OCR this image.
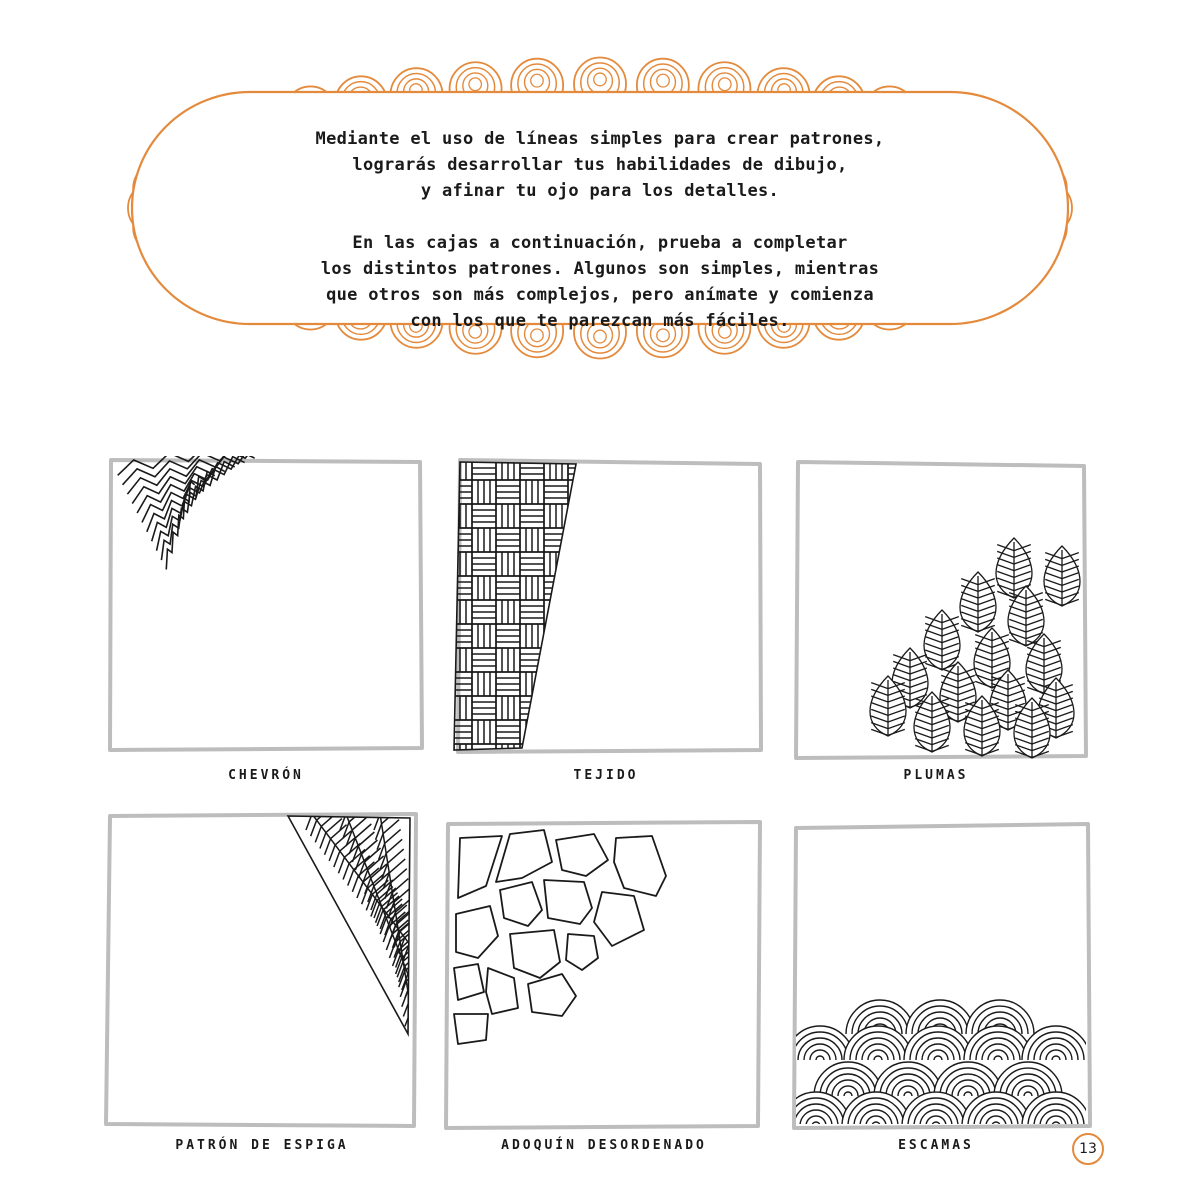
Mediante el uso de líneas simples para crear patrones,

lograrás desarrollar tus habilidades de dibujo,

y afinar tu ojo para los detalles.

En las cajas a continuación, prueba a completar

los distintos patrones. Algunos son simples, mientras

que otros son más complejos, pero anímate y comienza

con los que te parezcan más fáciles.

CHEVRÓN	TEJIDO	PLUMAS
PATRÓN DE ESPIGA	ADOQUÍN DESORDENADO	ESCAMAS	13
